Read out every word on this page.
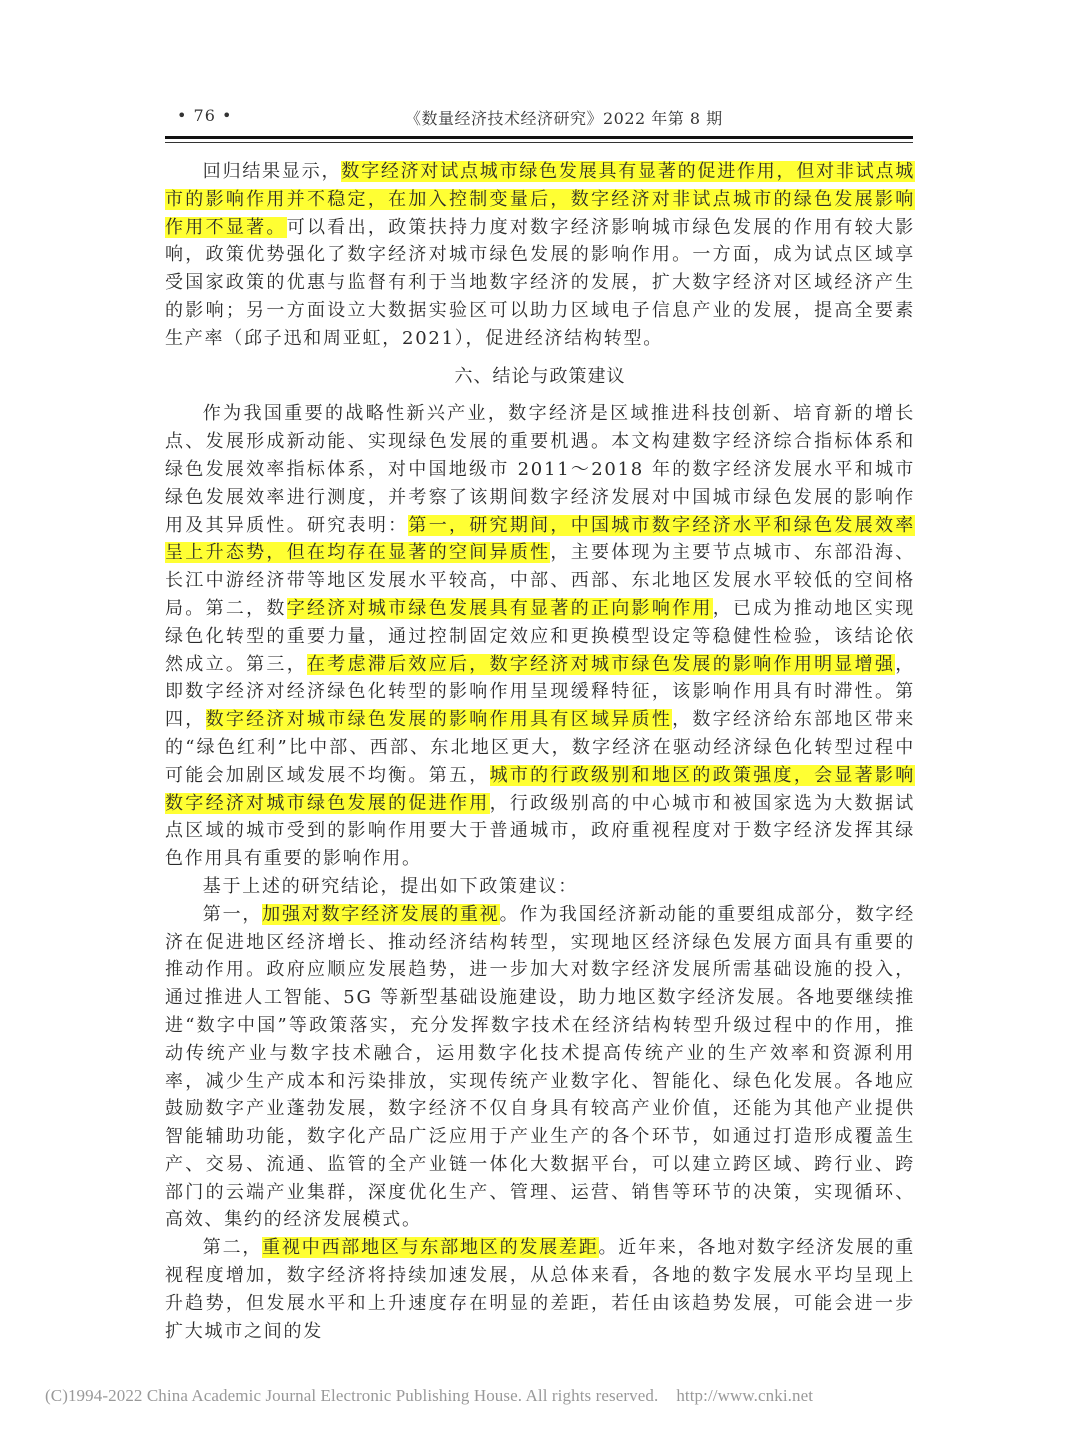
• 76 •	《数量经济技术经济研究》2022 年第 8 期

回归结果显示，数字经济对试点城市绿色发展具有显著的促进作用，但对非试点城市的影响作用并不稳定，在加入控制变量后，数字经济对非试点城市的绿色发展影响作用不显著。可以看出，政策扶持力度对数字经济影响城市绿色发展的作用有较大影响，政策优势强化了数字经济对城市绿色发展的影响作用。一方面，成为试点区域享受国家政策的优惠与监督有利于当地数字经济的发展，扩大数字经济对区域经济产生的影响；另一方面设立大数据实验区可以助力区域电子信息产业的发展，提高全要素生产率（邱子迅和周亚虹，2021），促进经济结构转型。

六、结论与政策建议

作为我国重要的战略性新兴产业，数字经济是区域推进科技创新、培育新的增长点、发展形成新动能、实现绿色发展的重要机遇。本文构建数字经济综合指标体系和绿色发展效率指标体系，对中国地级市 2011～2018 年的数字经济发展水平和城市绿色发展效率进行测度，并考察了该期间数字经济发展对中国城市绿色发展的影响作用及其异质性。研究表明：第一，研究期间，中国城市数字经济水平和绿色发展效率呈上升态势，但在均存在显著的空间异质性，主要体现为主要节点城市、东部沿海、长江中游经济带等地区发展水平较高，中部、西部、东北地区发展水平较低的空间格局。第二，数字经济对城市绿色发展具有显著的正向影响作用，已成为推动地区实现绿色化转型的重要力量，通过控制固定效应和更换模型设定等稳健性检验，该结论依然成立。第三，在考虑滞后效应后，数字经济对城市绿色发展的影响作用明显增强，即数字经济对经济绿色化转型的影响作用呈现缓释特征，该影响作用具有时滞性。第四，数字经济对城市绿色发展的影响作用具有区域异质性，数字经济给东部地区带来的“绿色红利”比中部、西部、东北地区更大，数字经济在驱动经济绿色化转型过程中可能会加剧区域发展不均衡。第五，城市的行政级别和地区的政策强度，会显著影响数字经济对城市绿色发展的促进作用，行政级别高的中心城市和被国家选为大数据试点区域的城市受到的影响作用要大于普通城市，政府重视程度对于数字经济发挥其绿色作用具有重要的影响作用。

基于上述的研究结论，提出如下政策建议：

第一，加强对数字经济发展的重视。作为我国经济新动能的重要组成部分，数字经济在促进地区经济增长、推动经济结构转型，实现地区经济绿色发展方面具有重要的推动作用。政府应顺应发展趋势，进一步加大对数字经济发展所需基础设施的投入，通过推进人工智能、5G 等新型基础设施建设，助力地区数字经济发展。各地要继续推进“数字中国”等政策落实，充分发挥数字技术在经济结构转型升级过程中的作用，推动传统产业与数字技术融合，运用数字化技术提高传统产业的生产效率和资源利用率，减少生产成本和污染排放，实现传统产业数字化、智能化、绿色化发展。各地应鼓励数字产业蓬勃发展，数字经济不仅自身具有较高产业价值，还能为其他产业提供智能辅助功能，数字化产品广泛应用于产业生产的各个环节，如通过打造形成覆盖生产、交易、流通、监管的全产业链一体化大数据平台，可以建立跨区域、跨行业、跨部门的云端产业集群，深度优化生产、管理、运营、销售等环节的决策，实现循环、高效、集约的经济发展模式。

第二，重视中西部地区与东部地区的发展差距。近年来，各地对数字经济发展的重视程度增加，数字经济将持续加速发展，从总体来看，各地的数字发展水平均呈现上升趋势，但发展水平和上升速度存在明显的差距，若任由该趋势发展，可能会进一步扩大城市之间的发

(C)1994-2022 China Academic Journal Electronic Publishing House. All rights reserved. http://www.cnki.net
